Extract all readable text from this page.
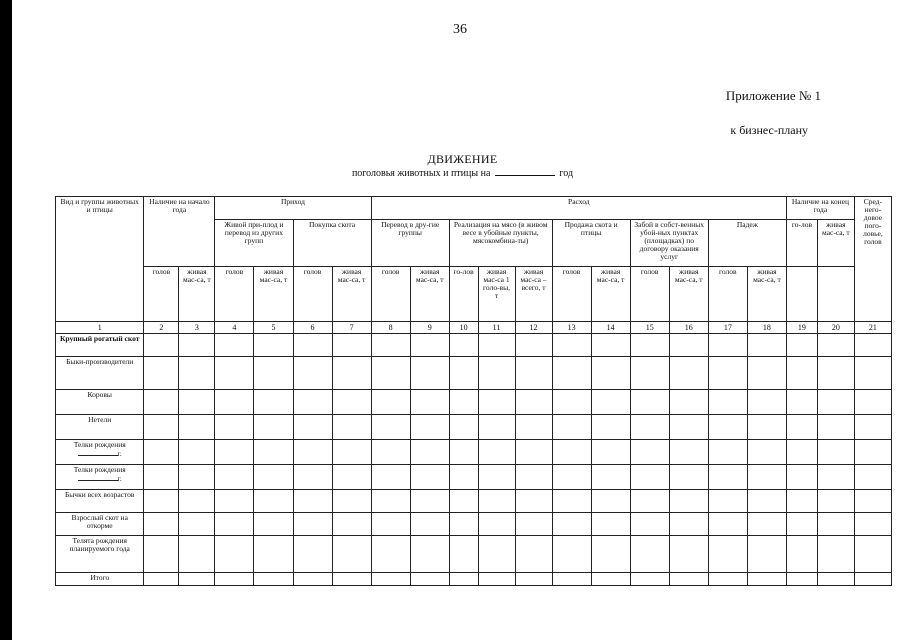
36
Приложение № 1
к бизнес-плану
ДВИЖЕНИЕ
поголовья животных и птицы на	год
Вид и группы животных и птицы	Наличие на начало года		Приход				Расход											Наличие на конец года		Сред-него-довое пого-ловье, голов
			Живой при-плод и перевод из других групп		Покупка скота		Перевод в дру-гие группы		Реализация на мясо (в живом весе в убойные пункты, мясокомбина-ты)			Продажа скота и птицы		Забой в собст-венных убой-ных пунктах (площадках) по договору оказания услуг		Падеж		го-лов	живая мас-са, т	
	голов	живая мас-са, т	голов	живая мас-са, т	голов	живая мас-са, т	голов	живая мас-са, т	го-лов	живая мас-са 1 голо-вы, т	живая мас-са – всего, т	голов	живая мас-са, т	голов	живая мас-са, т	голов	живая мас-са, т			
1	2	3	4	5	6	7	8	9	10	11	12	13	14	15	16	17	18	19	20	21
Крупный рогатый скот																				
Быки-производители																				
Коровы																				
Нетели																				
Телки рождения
г.																				
Телки рождения
г.																				
Бычки всех возрастов																				
Взрослый скот на откорме																				
Телята рождения планируемого года																				
Итого																				
